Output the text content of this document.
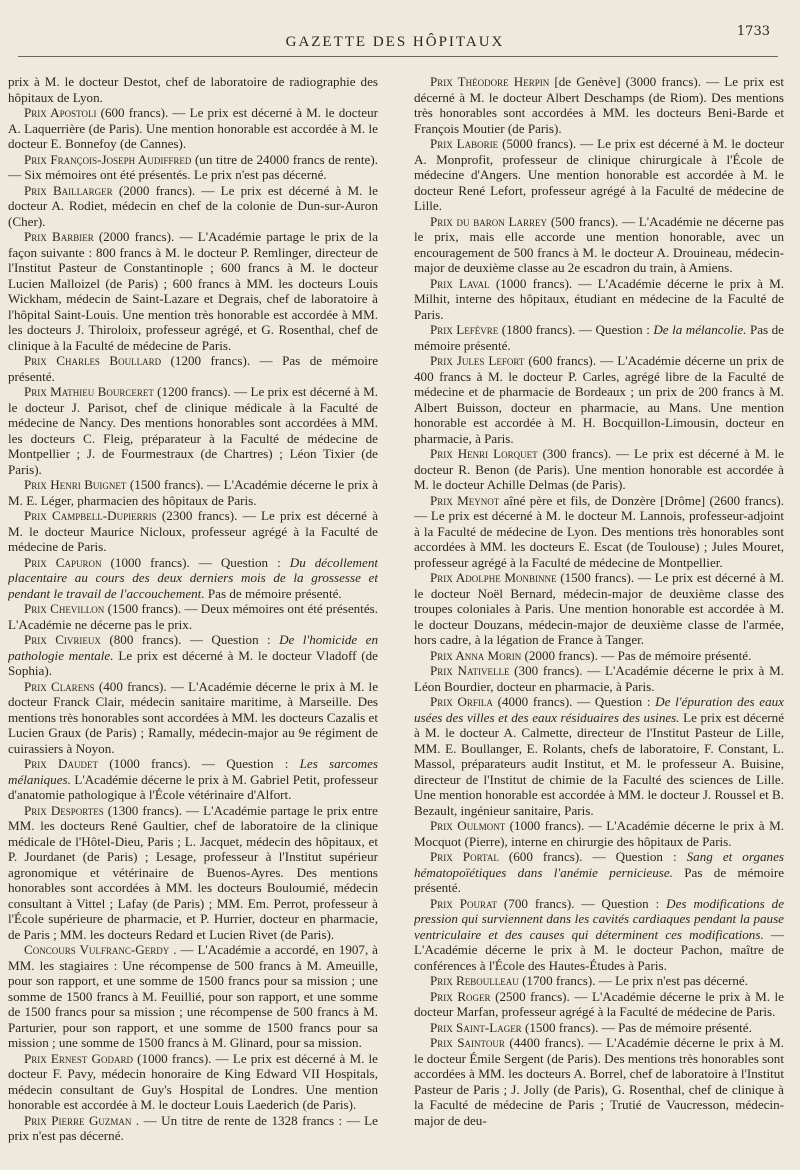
GAZETTE DES HÔPITAUX
1733

prix à M. le docteur Destot, chef de laboratoire de radiographie des hôpitaux de Lyon.

Prix Apostoli (600 francs). — Le prix est décerné à M. le docteur A. Laquerrière (de Paris). Une mention honorable est accordée à M. le docteur E. Bonnefoy (de Cannes).

Prix François-Joseph Audiffred (un titre de 24000 francs de rente). — Six mémoires ont été présentés. Le prix n'est pas décerné.

Prix Baillarger (2000 francs). — Le prix est décerné à M. le docteur A. Rodiet, médecin en chef de la colonie de Dun-sur-Auron (Cher).

Prix Barbier (2000 francs). — L'Académie partage le prix de la façon suivante : 800 francs à M. le docteur P. Remlinger, directeur de l'Institut Pasteur de Constantinople ; 600 francs à M. le docteur Lucien Malloizel (de Paris) ; 600 francs à MM. les docteurs Louis Wickham, médecin de Saint-Lazare et Degrais, chef de laboratoire à l'hôpital Saint-Louis. Une mention très honorable est accordée à MM. les docteurs J. Thiroloix, professeur agrégé, et G. Rosenthal, chef de clinique à la Faculté de médecine de Paris.

Prix Charles Boullard (1200 francs). — Pas de mémoire présenté.

Prix Mathieu Bourceret (1200 francs). — Le prix est décerné à M. le docteur J. Parisot, chef de clinique médicale à la Faculté de médecine de Nancy. Des mentions honorables sont accordées à MM. les docteurs C. Fleig, préparateur à la Faculté de médecine de Montpellier ; J. de Fourmestraux (de Chartres) ; Léon Tixier (de Paris).

Prix Henri Buignet (1500 francs). — L'Académie décerne le prix à M. E. Léger, pharmacien des hôpitaux de Paris.

Prix Campbell-Dupierris (2300 francs). — Le prix est décerné à M. le docteur Maurice Nicloux, professeur agrégé à la Faculté de médecine de Paris.

Prix Capuron (1000 francs). — Question : Du décollement placentaire au cours des deux derniers mois de la grossesse et pendant le travail de l'accouchement. Pas de mémoire présenté.

Prix Chevillon (1500 francs). — Deux mémoires ont été présentés. L'Académie ne décerne pas le prix.

Prix Civrieux (800 francs). — Question : De l'homicide en pathologie mentale. Le prix est décerné à M. le docteur Vladoff (de Sophia).

Prix Clarens (400 francs). — L'Académie décerne le prix à M. le docteur Franck Clair, médecin sanitaire maritime, à Marseille. Des mentions très honorables sont accordées à MM. les docteurs Cazalis et Lucien Graux (de Paris) ; Ramally, médecin-major au 9e régiment de cuirassiers à Noyon.

Prix Daudet (1000 francs). — Question : Les sarcomes mélaniques. L'Académie décerne le prix à M. Gabriel Petit, professeur d'anatomie pathologique à l'École vétérinaire d'Alfort.

Prix Desportes (1300 francs). — L'Académie partage le prix entre MM. les docteurs René Gaultier, chef de laboratoire de la clinique médicale de l'Hôtel-Dieu, Paris ; L. Jacquet, médecin des hôpitaux, et P. Jourdanet (de Paris) ; Lesage, professeur à l'Institut supérieur agronomique et vétérinaire de Buenos-Ayres. Des mentions honorables sont accordées à MM. les docteurs Bouloumié, médecin consultant à Vittel ; Lafay (de Paris) ; MM. Em. Perrot, professeur à l'École supérieure de pharmacie, et P. Hurrier, docteur en pharmacie, de Paris ; MM. les docteurs Redard et Lucien Rivet (de Paris).

Concours Vulfranc-Gerdy . — L'Académie a accordé, en 1907, à MM. les stagiaires : Une récompense de 500 francs à M. Ameuille, pour son rapport, et une somme de 1500 francs pour sa mission ; une somme de 1500 francs à M. Feuillié, pour son rapport, et une somme de 1500 francs pour sa mission ; une récompense de 500 francs à M. Parturier, pour son rapport, et une somme de 1500 francs pour sa mission ; une somme de 1500 francs à M. Glinard, pour sa mission.

Prix Ernest Godard (1000 francs). — Le prix est décerné à M. le docteur F. Pavy, médecin honoraire de King Edward VII Hospitals, médecin consultant de Guy's Hospital de Londres. Une mention honorable est accordée à M. le docteur Louis Laederich (de Paris).

Prix Pierre Guzman . — Un titre de rente de 1328 francs : — Le prix n'est pas décerné.

Prix Théodore Herpin [de Genève] (3000 francs). — Le prix est décerné à M. le docteur Albert Deschamps (de Riom). Des mentions très honorables sont accordées à MM. les docteurs Beni-Barde et François Moutier (de Paris).

Prix Laborie (5000 francs). — Le prix est décerné à M. le docteur A. Monprofit, professeur de clinique chirurgicale à l'École de médecine d'Angers. Une mention honorable est accordée à M. le docteur René Lefort, professeur agrégé à la Faculté de médecine de Lille.

Prix du baron Larrey (500 francs). — L'Académie ne décerne pas le prix, mais elle accorde une mention honorable, avec un encouragement de 500 francs à M. le docteur A. Drouineau, médecin-major de deuxième classe au 2e escadron du train, à Amiens.

Prix Laval (1000 francs). — L'Académie décerne le prix à M. Milhit, interne des hôpitaux, étudiant en médecine de la Faculté de Paris.

Prix Lefèvre (1800 francs). — Question : De la mélancolie. Pas de mémoire présenté.

Prix Jules Lefort (600 francs). — L'Académie décerne un prix de 400 francs à M. le docteur P. Carles, agrégé libre de la Faculté de médecine et de pharmacie de Bordeaux ; un prix de 200 francs à M. Albert Buisson, docteur en pharmacie, au Mans. Une mention honorable est accordée à M. H. Bocquillon-Limousin, docteur en pharmacie, à Paris.

Prix Henri Lorquet (300 francs). — Le prix est décerné à M. le docteur R. Benon (de Paris). Une mention honorable est accordée à M. le docteur Achille Delmas (de Paris).

Prix Meynot aîné père et fils, de Donzère [Drôme] (2600 francs). — Le prix est décerné à M. le docteur M. Lannois, professeur-adjoint à la Faculté de médecine de Lyon. Des mentions très honorables sont accordées à MM. les docteurs E. Escat (de Toulouse) ; Jules Mouret, professeur agrégé à la Faculté de médecine de Montpellier.

Prix Adolphe Monbinne (1500 francs). — Le prix est décerné à M. le docteur Noël Bernard, médecin-major de deuxième classe des troupes coloniales à Paris. Une mention honorable est accordée à M. le docteur Douzans, médecin-major de deuxième classe de l'armée, hors cadre, à la légation de France à Tanger.

Prix Anna Morin (2000 francs). — Pas de mémoire présenté.

Prix Nativelle (300 francs). — L'Académie décerne le prix à M. Léon Bourdier, docteur en pharmacie, à Paris.

Prix Orfila (4000 francs). — Question : De l'épuration des eaux usées des villes et des eaux résiduaires des usines. Le prix est décerné à M. le docteur A. Calmette, directeur de l'Institut Pasteur de Lille, MM. E. Boullanger, E. Rolants, chefs de laboratoire, F. Constant, L. Massol, préparateurs audit Institut, et M. le professeur A. Buisine, directeur de l'Institut de chimie de la Faculté des sciences de Lille. Une mention honorable est accordée à MM. le docteur J. Roussel et B. Bezault, ingénieur sanitaire, Paris.

Prix Oulmont (1000 francs). — L'Académie décerne le prix à M. Mocquot (Pierre), interne en chirurgie des hôpitaux de Paris.

Prix Portal (600 francs). — Question : Sang et organes hématopoïétiques dans l'anémie pernicieuse. Pas de mémoire présenté.

Prix Pourat (700 francs). — Question : Des modifications de pression qui surviennent dans les cavités cardiaques pendant la pause ventriculaire et des causes qui déterminent ces modifications. — L'Académie décerne le prix à M. le docteur Pachon, maître de conférences à l'École des Hautes-Études à Paris.

Prix Reboulleau (1700 francs). — Le prix n'est pas décerné.

Prix Roger (2500 francs). — L'Académie décerne le prix à M. le docteur Marfan, professeur agrégé à la Faculté de médecine de Paris.

Prix Saint-Lager (1500 francs). — Pas de mémoire présenté.

Prix Saintour (4400 francs). — L'Académie décerne le prix à M. le docteur Émile Sergent (de Paris). Des mentions très honorables sont accordées à MM. les docteurs A. Borrel, chef de laboratoire à l'Institut Pasteur de Paris ; J. Jolly (de Paris), G. Rosenthal, chef de clinique à la Faculté de médecine de Paris ; Trutié de Vaucresson, médecin-major de deu-
